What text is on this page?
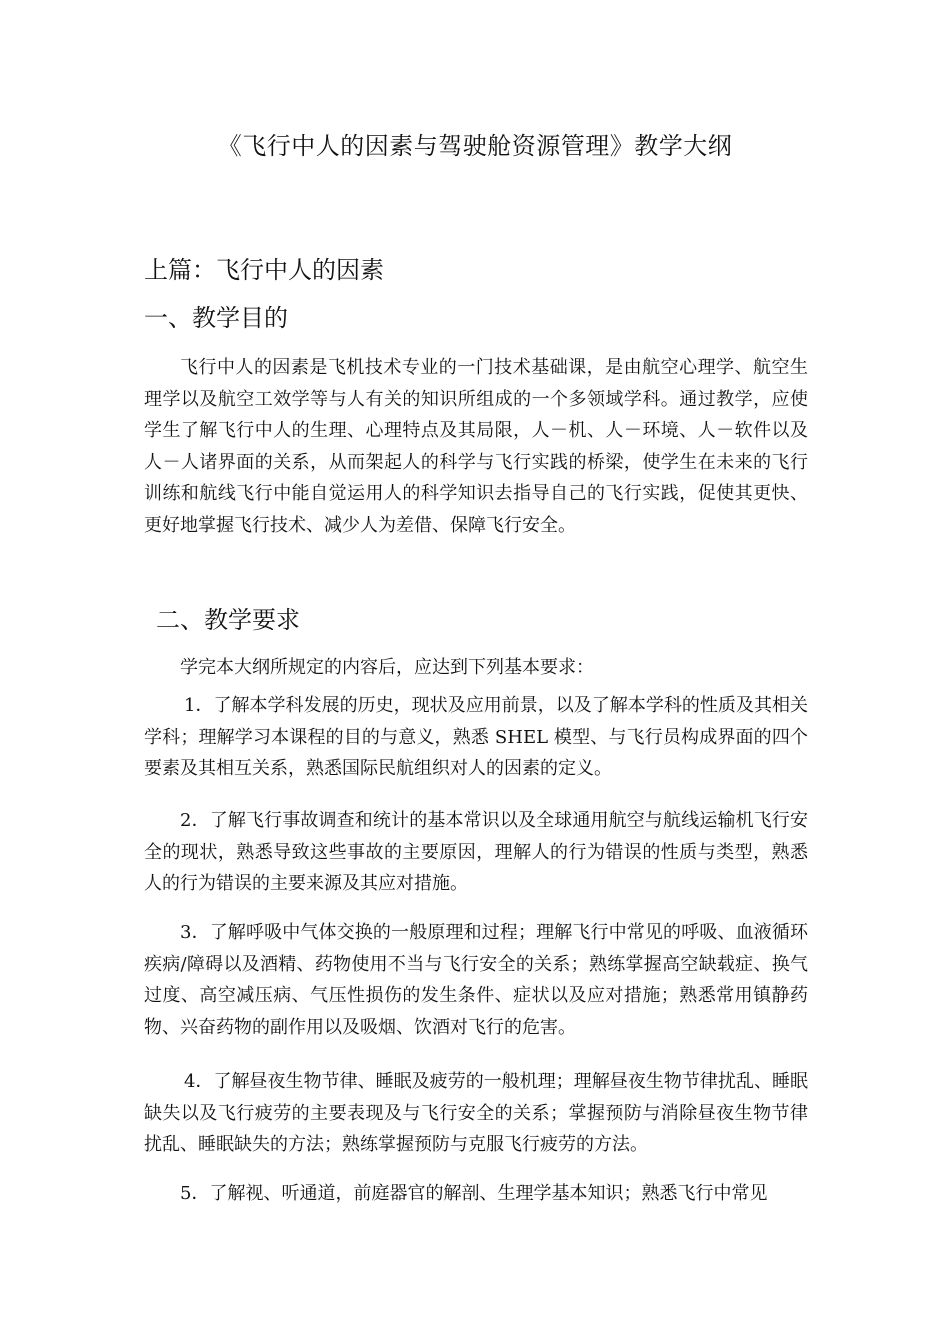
《飞行中人的因素与驾驶舱资源管理》教学大纲
上篇：飞行中人的因素
一、教学目的

飞行中人的因素是飞机技术专业的一门技术基础课，是由航空心理学、航空生理学以及航空工效学等与人有关的知识所组成的一个多领域学科。通过教学，应使学生了解飞行中人的生理、心理特点及其局限，人－机、人－环境、人－软件以及人－人诸界面的关系，从而架起人的科学与飞行实践的桥梁，使学生在未来的飞行训练和航线飞行中能自觉运用人的科学知识去指导自己的飞行实践，促使其更快、更好地掌握飞行技术、减少人为差借、保障飞行安全。

二、教学要求

学完本大纲所规定的内容后，应达到下列基本要求：

1．了解本学科发展的历史，现状及应用前景，以及了解本学科的性质及其相关学科；理解学习本课程的目的与意义，熟悉 SHEL 模型、与飞行员构成界面的四个要素及其相互关系，熟悉国际民航组织对人的因素的定义。

2．了解飞行事故调查和统计的基本常识以及全球通用航空与航线运输机飞行安全的现状，熟悉导致这些事故的主要原因，理解人的行为错误的性质与类型，熟悉人的行为错误的主要来源及其应对措施。

3．了解呼吸中气体交换的一般原理和过程；理解飞行中常见的呼吸、血液循环疾病/障碍以及酒精、药物使用不当与飞行安全的关系；熟练掌握高空缺载症、换气过度、高空减压病、气压性损伤的发生条件、症状以及应对措施；熟悉常用镇静药物、兴奋药物的副作用以及吸烟、饮酒对飞行的危害。

4．了解昼夜生物节律、睡眠及疲劳的一般机理；理解昼夜生物节律扰乱、睡眠缺失以及飞行疲劳的主要表现及与飞行安全的关系；掌握预防与消除昼夜生物节律扰乱、睡眠缺失的方法；熟练掌握预防与克服飞行疲劳的方法。

5．了解视、听通道，前庭器官的解剖、生理学基本知识；熟悉飞行中常见
